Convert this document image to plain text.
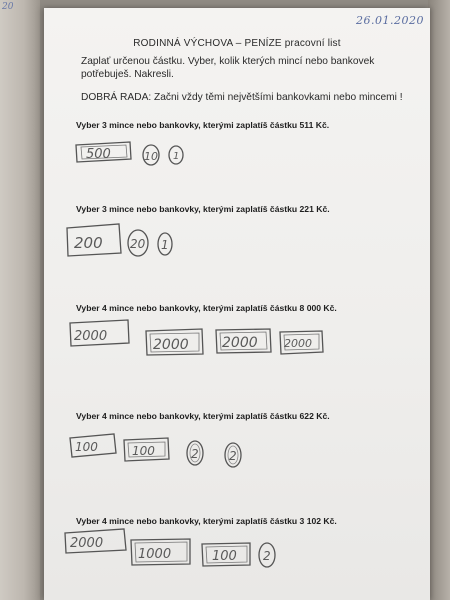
20
26.01.2020
RODINNÁ VÝCHOVA – PENÍZE pracovní list
Zaplať určenou částku. Vyber, kolik kterých mincí nebo bankovek potřebuješ. Nakresli.
DOBRÁ RADA: Začni vždy těmi největšími bankovkami nebo mincemi !
Vyber 3 mince nebo bankovky, kterými zaplatíš částku 511 Kč.
Vyber 3 mince nebo bankovky, kterými zaplatíš částku 221 Kč.
Vyber 4 mince nebo bankovky, kterými zaplatíš částku 8 000 Kč.
Vyber 4 mince nebo bankovky, kterými zaplatíš částku 622 Kč.
Vyber 4 mince nebo bankovky, kterými zaplatíš částku 3 102 Kč.
500	10 1
200 20 1
2000
2000 2000 2000
100	100	2	2
2000
1000	100 2
